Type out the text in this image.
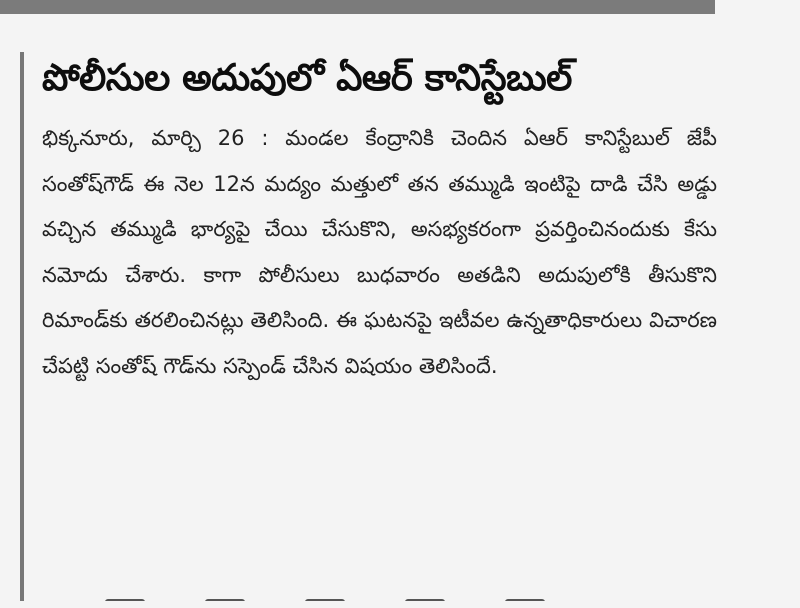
పోలీసుల అదుపులో ఏఆర్ కానిస్టేబుల్

భిక్కనూరు, మార్చి 26 : మండల కేంద్రానికి చెందిన ఏఆర్ కానిస్టేబుల్ జేపీ సంతోష్‌గౌడ్ ఈ నెల 12న మద్యం మత్తులో తన తమ్ముడి ఇంటిపై దాడి చేసి అడ్డు వచ్చిన తమ్ముడి భార్యపై చేయి చేసుకొని, అసభ్యకరంగా ప్రవర్తించినందుకు కేసు నమోదు చేశారు. కాగా పోలీసులు బుధవారం అతడిని అదుపులోకి తీసుకొని రిమాండ్‌కు తరలించినట్లు తెలిసింది. ఈ ఘటనపై ఇటీవల ఉన్నతాధికారులు విచారణ చేపట్టి సంతోష్ గౌడ్‌ను సస్పెండ్ చేసిన విషయం తెలిసిందే.
